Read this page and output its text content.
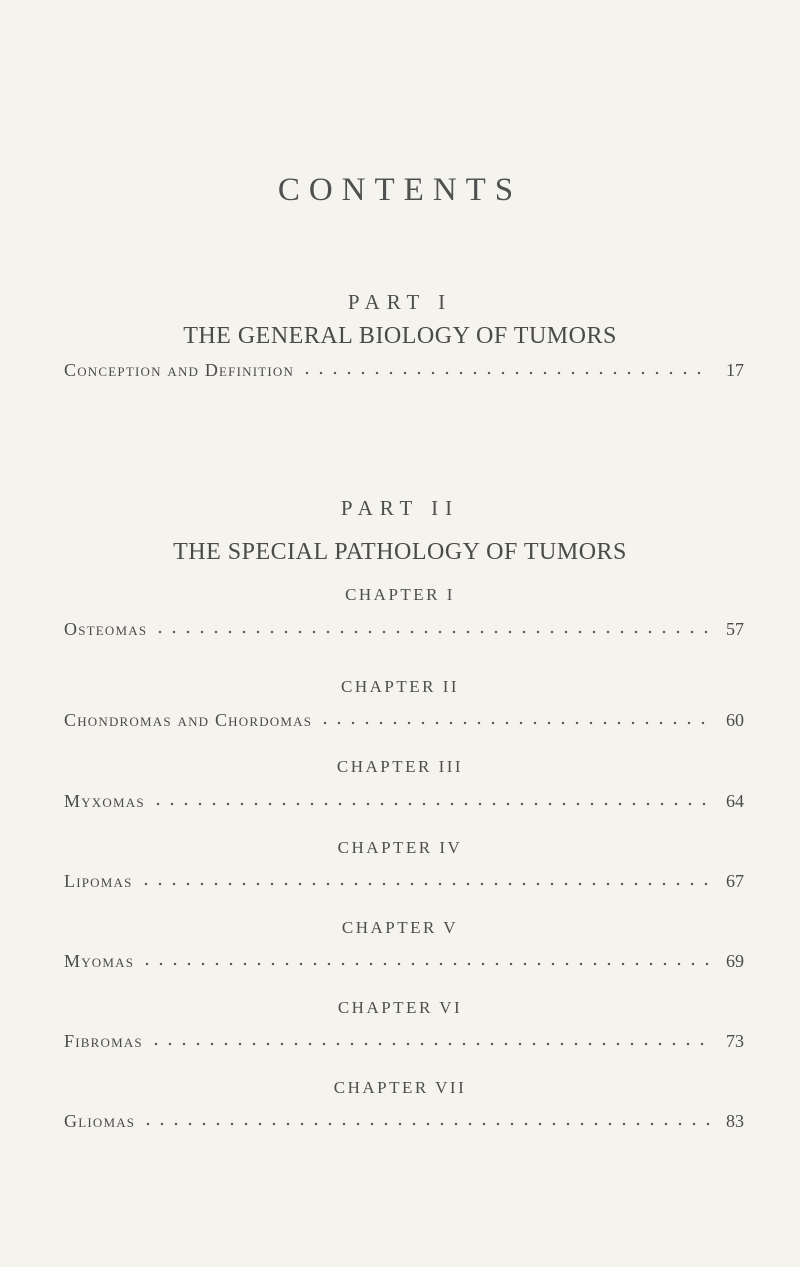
CONTENTS
PART I
THE GENERAL BIOLOGY OF TUMORS
Conception and Definition	17
PART II
THE SPECIAL PATHOLOGY OF TUMORS
CHAPTER I
Osteomas	57
CHAPTER II
Chondromas and Chordomas	60
CHAPTER III
Myxomas	64
CHAPTER IV
Lipomas	67
CHAPTER V
Myomas	69
CHAPTER VI
Fibromas	73
CHAPTER VII
Gliomas	83
